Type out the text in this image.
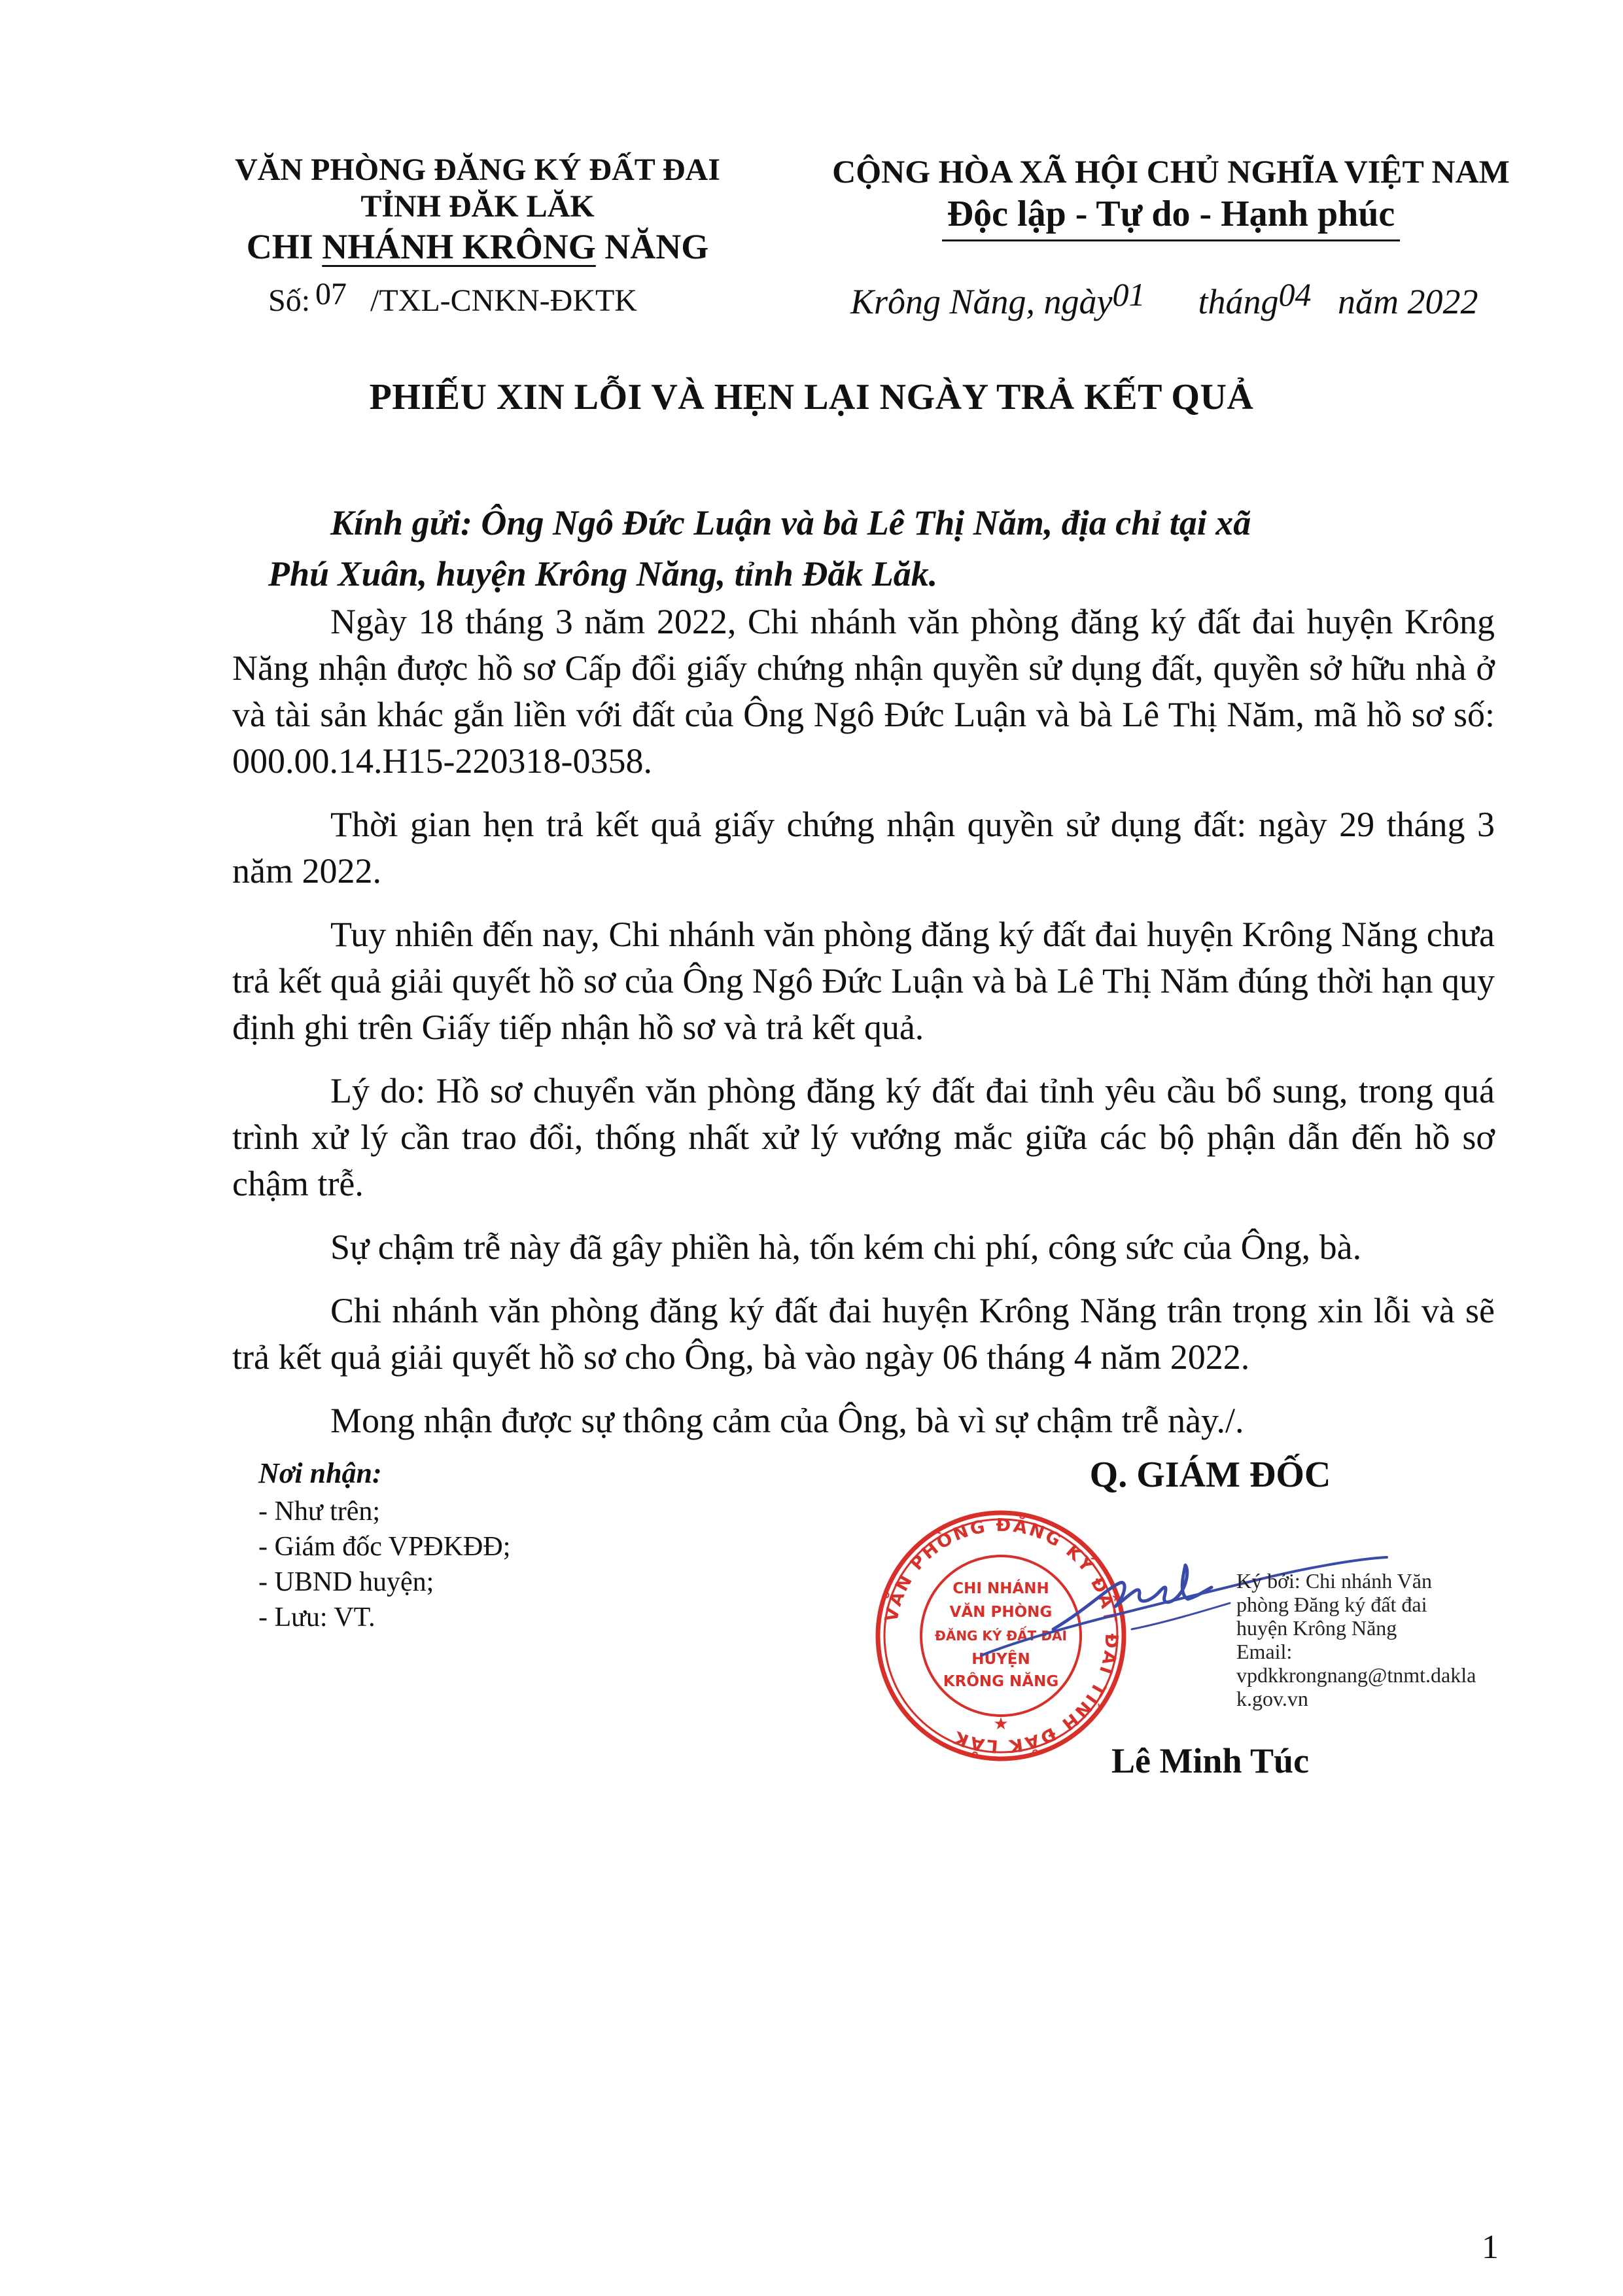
VĂN PHÒNG ĐĂNG KÝ ĐẤT ĐAI
TỈNH ĐĂK LĂK
CHI NHÁNH KRÔNG NĂNG
Số: 07 /TXL-CNKN-ĐKTK
CỘNG HÒA XÃ HỘI CHỦ NGHĨA VIỆT NAM
Độc lập - Tự do - Hạnh phúc
Krông Năng, ngày01 tháng04 năm 2022
PHIẾU XIN LỖI VÀ HẸN LẠI NGÀY TRẢ KẾT QUẢ
Kính gửi: Ông Ngô Đức Luận và bà Lê Thị Năm, địa chỉ tại xã
Phú Xuân, huyện Krông Năng, tỉnh Đăk Lăk.

Ngày 18 tháng 3 năm 2022, Chi nhánh văn phòng đăng ký đất đai huyện Krông Năng nhận được hồ sơ Cấp đổi giấy chứng nhận quyền sử dụng đất, quyền sở hữu nhà ở và tài sản khác gắn liền với đất của Ông Ngô Đức Luận và bà Lê Thị Năm, mã hồ sơ số: 000.00.14.H15-220318-0358.

Thời gian hẹn trả kết quả giấy chứng nhận quyền sử dụng đất: ngày 29 tháng 3 năm 2022.

Tuy nhiên đến nay, Chi nhánh văn phòng đăng ký đất đai huyện Krông Năng chưa trả kết quả giải quyết hồ sơ của Ông Ngô Đức Luận và bà Lê Thị Năm đúng thời hạn quy định ghi trên Giấy tiếp nhận hồ sơ và trả kết quả.

Lý do: Hồ sơ chuyển văn phòng đăng ký đất đai tỉnh yêu cầu bổ sung, trong quá trình xử lý cần trao đổi, thống nhất xử lý vướng mắc giữa các bộ phận dẫn đến hồ sơ chậm trễ.

Sự chậm trễ này đã gây phiền hà, tốn kém chi phí, công sức của Ông, bà.

Chi nhánh văn phòng đăng ký đất đai huyện Krông Năng trân trọng xin lỗi và sẽ trả kết quả giải quyết hồ sơ cho Ông, bà vào ngày 06 tháng 4 năm 2022.

Mong nhận được sự thông cảm của Ông, bà vì sự chậm trễ này./.

Nơi nhận:
- Như trên;
- Giám đốc VPĐKĐĐ;
- UBND huyện;
- Lưu: VT.
Q. GIÁM ĐỐC
VĂN PHÒNG ĐĂNG KÝ ĐẤT ĐAI TỈNH ĐĂK LĂK
★
CHI NHÁNH
VĂN PHÒNG
ĐĂNG KÝ ĐẤT ĐAI
HUYỆN
KRÔNG NĂNG
Ký bởi: Chi nhánh Văn
phòng Đăng ký đất đai
huyện Krông Năng
Email:
vpdkkrongnang@tnmt.dakla
k.gov.vn
Lê Minh Túc
1
